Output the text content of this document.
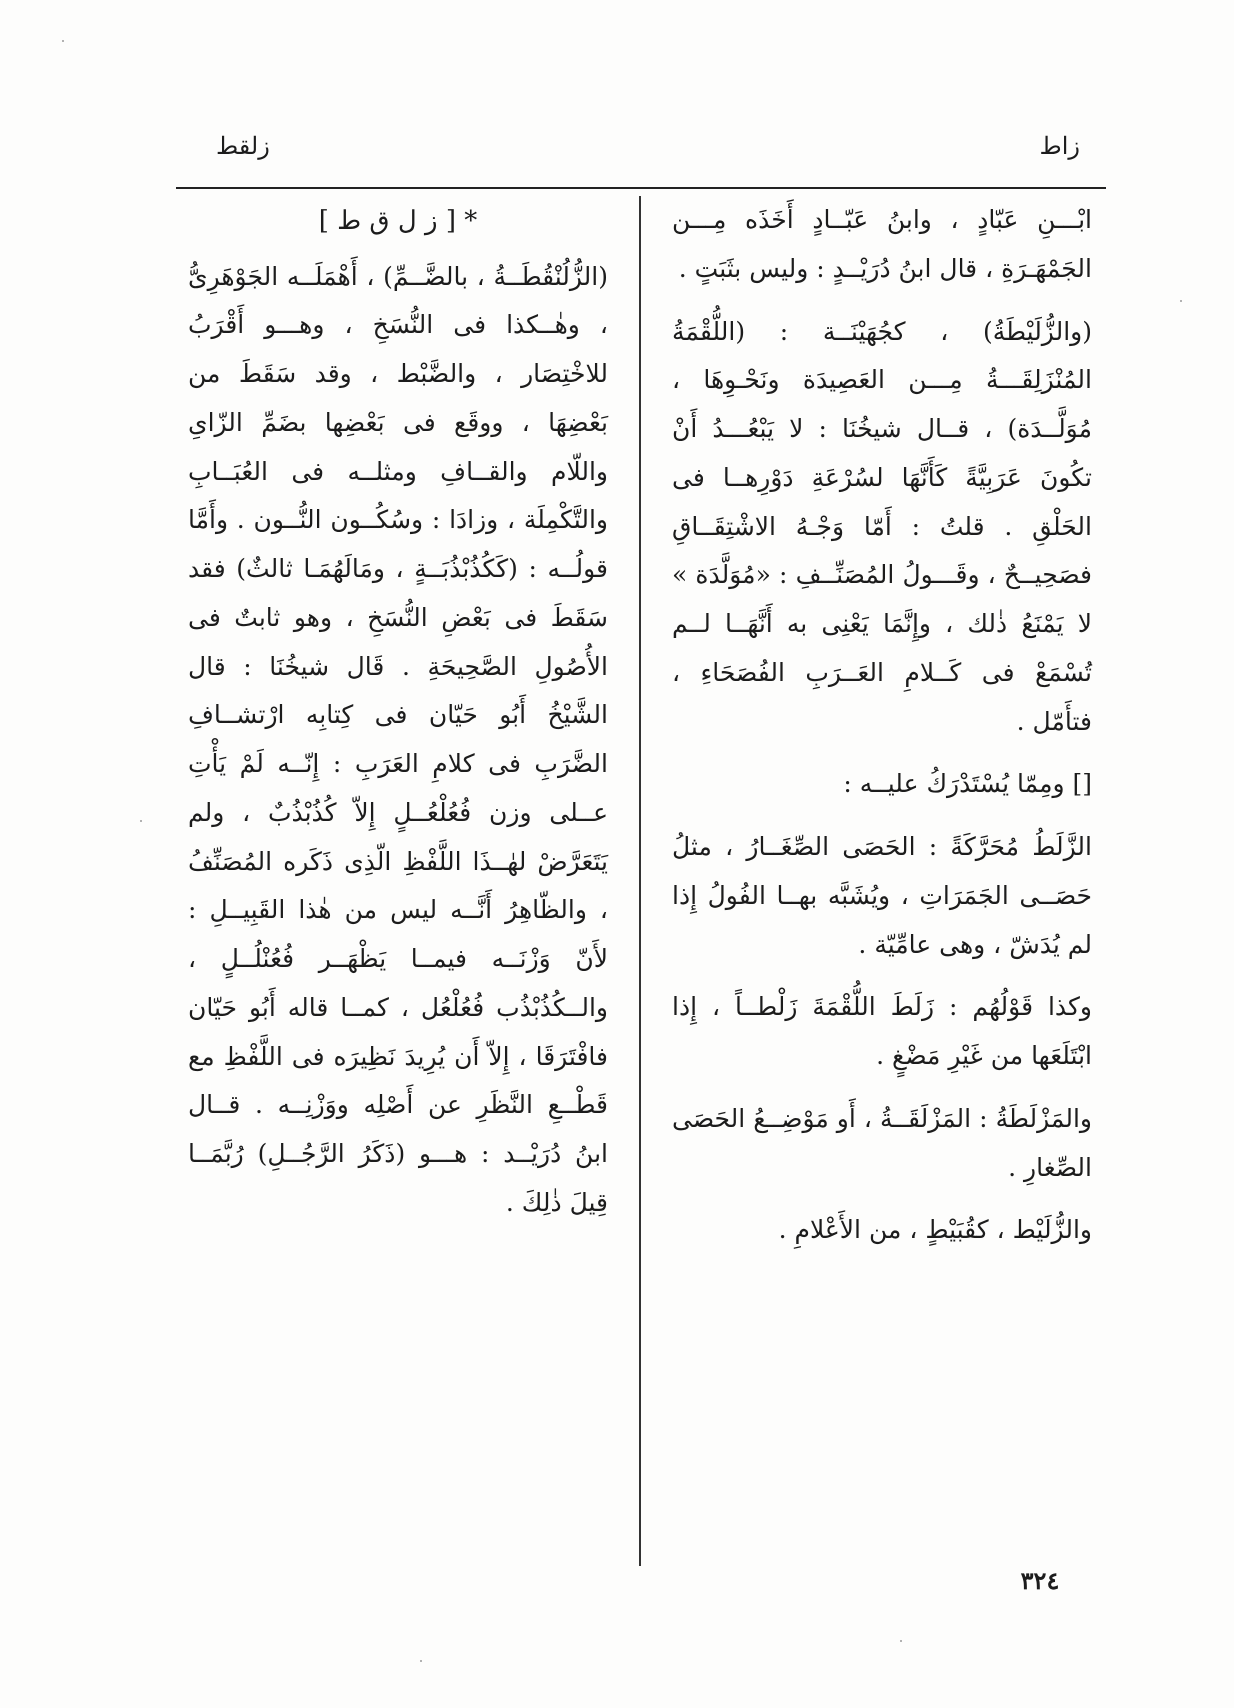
زاط
زلقط

ابْـــنِ عَبّادٍ ، وابنُ عَبّــادٍ أَخَذَه مِـــن الجَمْهَـرَةِ ، قال ابنُ دُرَيْــدٍ : وليس بثَبَتٍ .

(والزُّلَيْطَةُ) ، كجُهَيْنَــة : (اللُّقْمَةُ المُنْزَلِقَـــةُ مِـــن العَصِيدَة ونَحْـوِهَا ، مُوَلَّــدَة) ، قــال شيخُنَا : لا يَبْعُـــدُ أَنْ تكُونَ عَرَبِيَّةً كَأَنَّهَا لسُرْعَةِ دَوْرِهــا فى الحَلْقِ . قلتُ : أَمّا وَجْـهُ الاشْتِقَــاقِ فصَحِيــحٌ ، وقَـــولُ المُصَنِّــفِ : «مُوَلَّدَة » لا يَمْنَعُ ذٰلك ، وإِنَّمَا يَعْنِى به أَنَّهَــا لــم تُسْمَعْ فى كَــلامِ العَــرَبِ الفُصَحَاءِ ، فتأَمّل .

[] ومِمّا يُسْتَدْرَكُ عليــه :

الزَّلَطُ مُحَرَّكَةً : الحَصَى الصِّغَــارُ ، مثلُ حَصَــى الجَمَرَاتِ ، ويُشَبَّه بهــا الفُولُ إِذا لم يُدَشّ ، وهى عامِّيّة .

وكذا قَوْلُهُم : زَلَطَ اللُّقْمَةَ زَلْطــاً ، إِذا ابْتَلَعَها من غَيْرِ مَضْغٍ .

والمَزْلَطَةُ : المَزْلَقَــةُ ، أَو مَوْضِــعُ الحَصَى الصِّغارِ .

والزُّلَيْط ، كقُبَيْطٍ ، من الأَعْلامِ .

* [ ز ل ق ط ]

(الزُّلُنْقُطَــةُ ، بالضَّــمِّ) ، أَهْمَلَــه الجَوْهَرِىُّ ، وهٰــكذا فى النُّسَخِ ، وهـــو أَقْرَبُ للاخْتِصَار ، والضَّبْط ، وقد سَقَطَ من بَعْضِهَا ، ووقَع فى بَعْضِها بضَمِّ الزّاىِ واللّام والقــافِ ومثلــه فى العُبَــابِ والتَّكْمِلَة ، وزادَا : وسُكُــون النُّــون . وأَمَّا قولُــه : (كَكُذُبْذُبَــةٍ ، ومَالَهُمَـا ثالثٌ) فقد سَقَطَ فى بَعْضِ النُّسَخِ ، وهو ثابتٌ فى الأُصُولِ الصَّحِيحَةِ . قَال شيخُنَا : قال الشَّيْخُ أَبُو حَيّان فى كِتابِه ارْتشــافِ الضَّرَبِ فى كلامِ العَرَبِ : إِنّــه لَمْ يَأْتِ عــلى وزن فُعُلْعُــلٍ إِلاّ كُذُبْذُبٌ ، ولم يَتَعَرَّضْ لهٰــذَا اللَّفْظِ الّذِى ذَكَره المُصَنِّفُ ، والظّاهِرُ أَنَّــه ليس من هٰذا القَبِيــلِ : لأَنّ وَزْنَــه فيمــا يَظْهَــر فُعُنْلُــلٍ ، والــكُذُبْذُب فُعُلْعُل ، كمــا قاله أَبُو حَيّان فافْتَرَقَا ، إِلاّ أَن يُرِيدَ نَظِيرَه فى اللَّفْظِ مع قَطْــعِ النَّظَرِ عن أَصْلِه ووَزْنِــه . قــال ابنُ دُرَيْــد : هـــو (ذَكَرُ الرَّجُــلِ) رُبَّمَــا قِيلَ ذٰلِكَ .

٣٢٤
